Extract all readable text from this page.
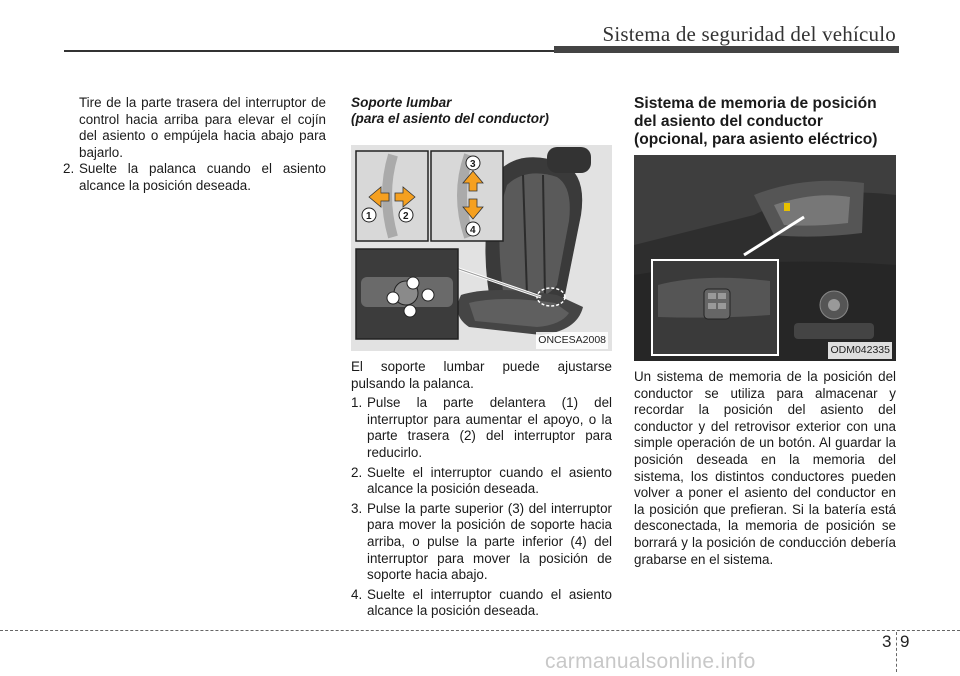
Sistema de seguridad del vehículo

Tire de la parte trasera del interruptor de control hacia arriba para elevar el cojín del asiento o empújela hacia abajo para bajarlo.

2. Suelte la palanca cuando el asiento alcance la posición deseada.
Soporte lumbar
(para el asiento del conductor)
1	2
3
4
ONCESA2008

El soporte lumbar puede ajustarse pulsando la palanca.

1. Pulse la parte delantera (1) del interruptor para aumentar el apoyo, o la parte trasera (2) del interruptor para reducirlo.
2. Suelte el interruptor cuando el asiento alcance la posición deseada.
3. Pulse la parte superior (3) del interruptor para mover la posición de soporte hacia arriba, o pulse la parte inferior (4) del interruptor para mover la posición de soporte hacia abajo.
4. Suelte el interruptor cuando el asiento alcance la posición deseada.
Sistema de memoria de posición del asiento del conductor (opcional, para asiento eléctrico)
ODM042335

Un sistema de memoria de la posición del conductor se utiliza para almacenar y recordar la posición del asiento del conductor y del retrovisor exterior con una simple operación de un botón. Al guardar la posición deseada en la memoria del sistema, los distintos conductores pueden volver a poner el asiento del conductor en la posición que prefieran. Si la batería está desconectada, la memoria de posición se borrará y la posición de conducción debería grabarse en el sistema.

3 9
carmanualsonline.info
